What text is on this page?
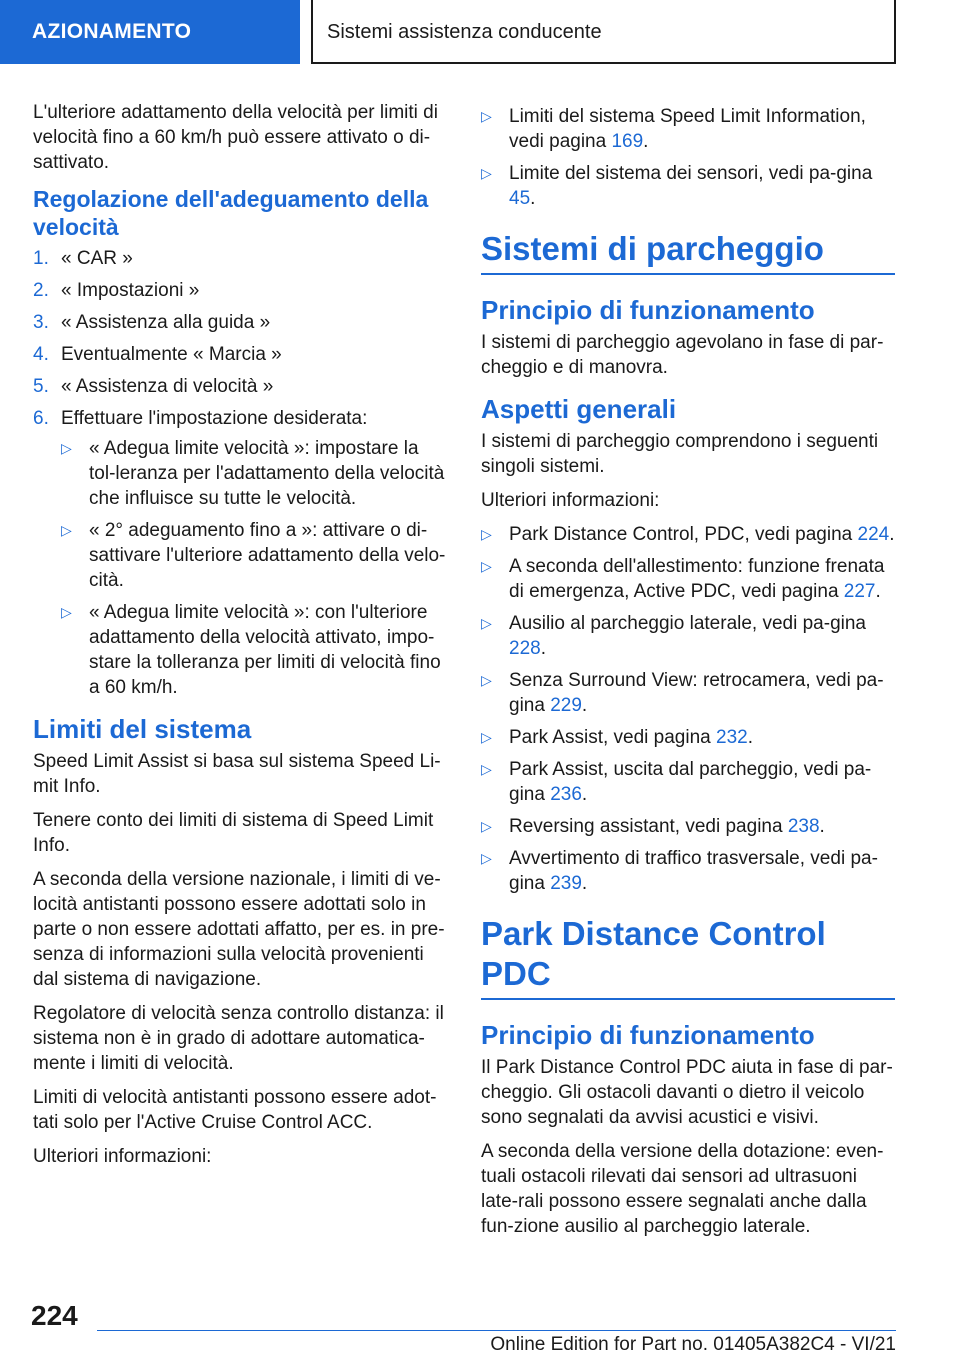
AZIONAMENTO	Sistemi assistenza conducente

L'ulteriore adattamento della velocità per limiti di velocità fino a 60 km/h può essere attivato o di-sattivato.

Regolazione dell'adeguamento della velocità
1. « CAR »
2. « Impostazioni »
3. « Assistenza alla guida »
4. Eventualmente « Marcia »
5. « Assistenza di velocità »
6. Effettuare l'impostazione desiderata:
▷ « Adegua limite velocità »: impostare la tol-leranza per l'adattamento della velocità che influisce su tutte le velocità.
▷ « 2° adeguamento fino a »: attivare o di-sattivare l'ulteriore adattamento della velo-cità.
▷ « Adegua limite velocità »: con l'ulteriore adattamento della velocità attivato, impo-stare la tolleranza per limiti di velocità fino a 60 km/h.
Limiti del sistema

Speed Limit Assist si basa sul sistema Speed Li-mit Info.

Tenere conto dei limiti di sistema di Speed Limit Info.

A seconda della versione nazionale, i limiti di ve-locità antistanti possono essere adottati solo in parte o non essere adottati affatto, per es. in pre-senza di informazioni sulla velocità provenienti dal sistema di navigazione.

Regolatore di velocità senza controllo distanza: il sistema non è in grado di adottare automatica-mente i limiti di velocità.

Limiti di velocità antistanti possono essere adot-tati solo per l'Active Cruise Control ACC.

Ulteriori informazioni:

▷ Limiti del sistema Speed Limit Information, vedi pagina 169.
▷ Limite del sistema dei sensori, vedi pa-gina 45.
Sistemi di parcheggio
Principio di funzionamento

I sistemi di parcheggio agevolano in fase di par-cheggio e di manovra.

Aspetti generali

I sistemi di parcheggio comprendono i seguenti singoli sistemi.

Ulteriori informazioni:

▷ Park Distance Control, PDC, vedi pagina 224.
▷ A seconda dell'allestimento: funzione frenata di emergenza, Active PDC, vedi pagina 227.
▷ Ausilio al parcheggio laterale, vedi pa-gina 228.
▷ Senza Surround View: retrocamera, vedi pa-gina 229.
▷ Park Assist, vedi pagina 232.
▷ Park Assist, uscita dal parcheggio, vedi pa-gina 236.
▷ Reversing assistant, vedi pagina 238.
▷ Avvertimento di traffico trasversale, vedi pa-gina 239.
Park Distance Control PDC
Principio di funzionamento

Il Park Distance Control PDC aiuta in fase di par-cheggio. Gli ostacoli davanti o dietro il veicolo sono segnalati da avvisi acustici e visivi.

A seconda della versione della dotazione: even-tuali ostacoli rilevati dai sensori ad ultrasuoni late-rali possono essere segnalati anche dalla fun-zione ausilio al parcheggio laterale.

224
Online Edition for Part no. 01405A382C4 - VI/21
